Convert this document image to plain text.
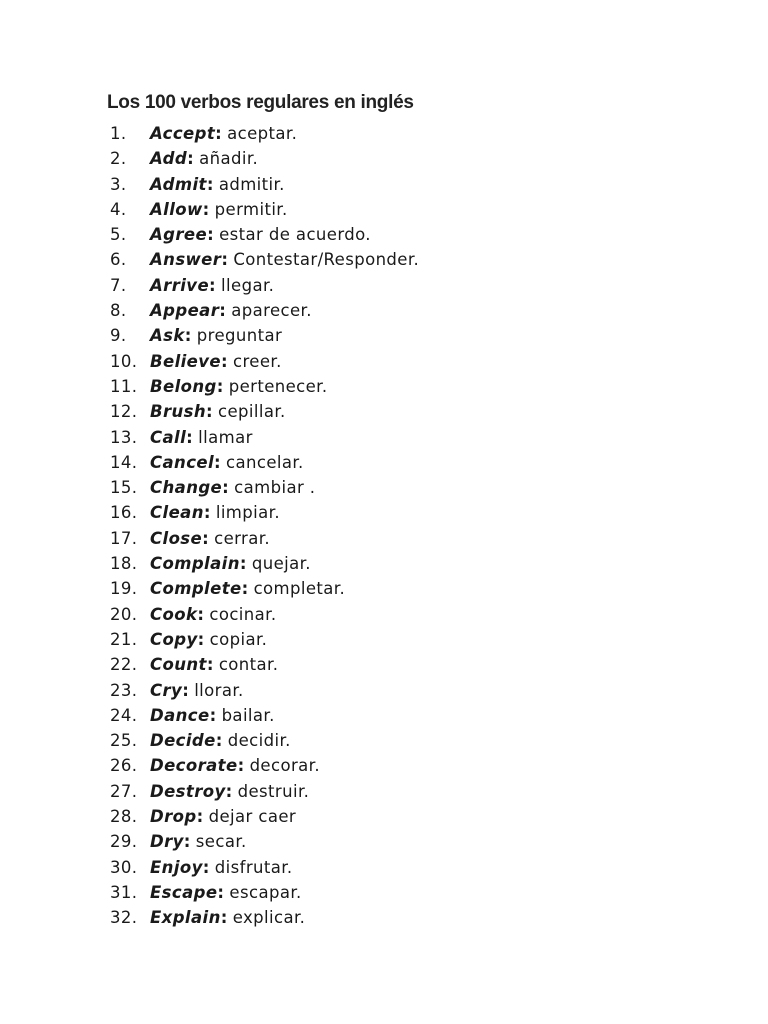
Los 100 verbos regulares en inglés
1.	Accept : aceptar.
2.	Add : añadir.
3.	Admit : admitir.
4.	Allow : permitir.
5.	Agree : estar de acuerdo.
6.	Answer : Contestar/Responder.
7.	Arrive : llegar.
8.	Appear : aparecer.
9.	Ask : preguntar
10. Believe : creer.
11. Belong : pertenecer.
12. Brush : cepillar.
13. Call : llamar
14. Cancel : cancelar.
15. Change : cambiar .
16. Clean : limpiar.
17. Close : cerrar.
18. Complain : quejar.
19. Complete : completar.
20. Cook : cocinar.
21. Copy : copiar.
22. Count : contar.
23. Cry : llorar.
24. Dance : bailar.
25. Decide : decidir.
26. Decorate : decorar.
27. Destroy : destruir.
28. Drop : dejar caer
29. Dry : secar.
30. Enjoy : disfrutar.
31. Escape : escapar.
32. Explain : explicar.
